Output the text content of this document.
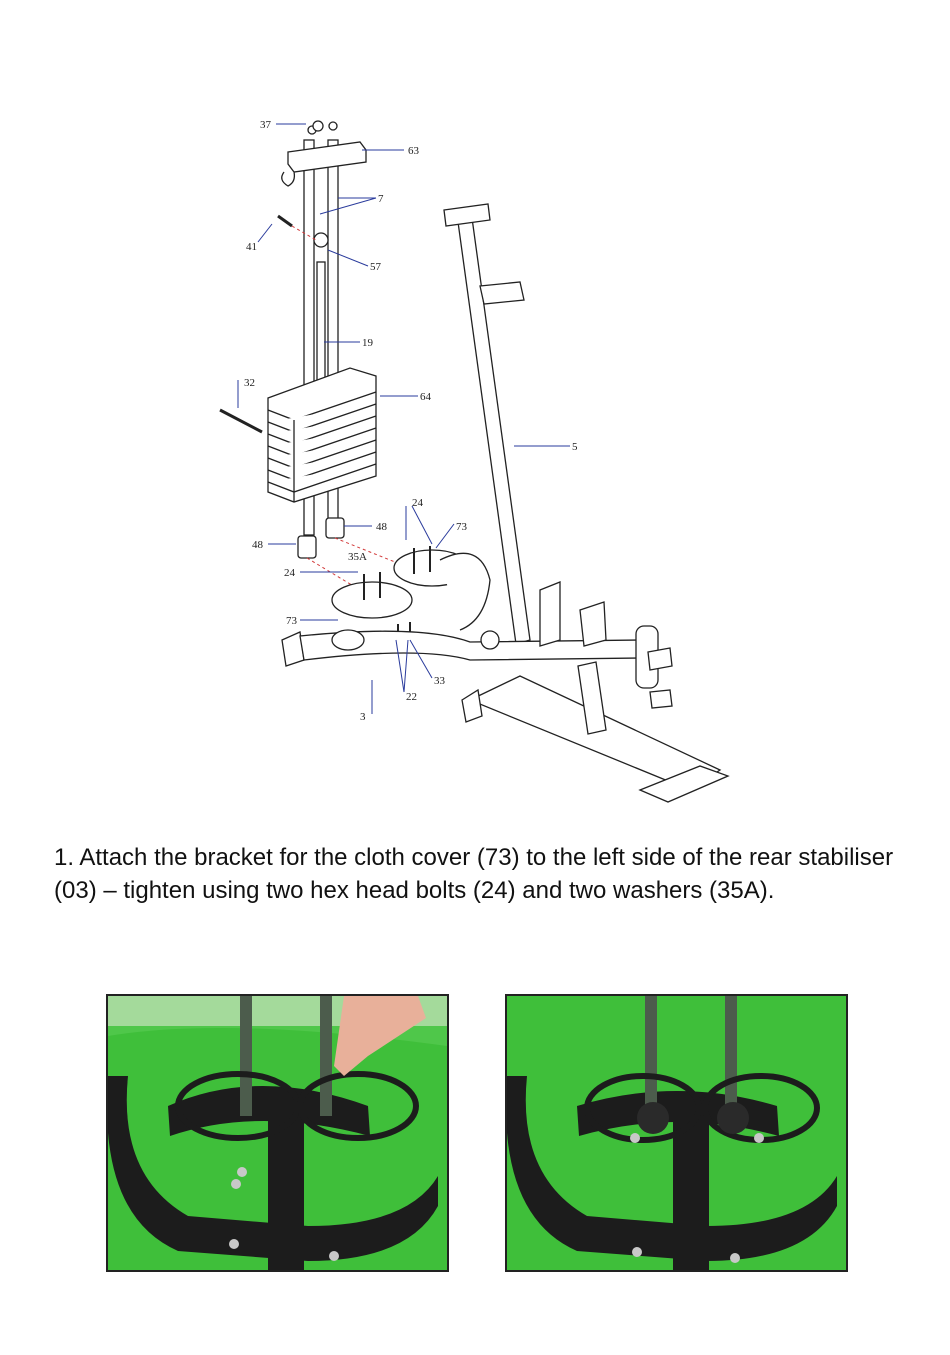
37
63
7
41
57
19
32
64
5
24
73
48
48
35A
24
73
33
22
3

1. Attach the bracket for the cloth cover (73) to the left side of the rear stabiliser (03) – tighten using two hex head bolts (24) and two washers (35A).
